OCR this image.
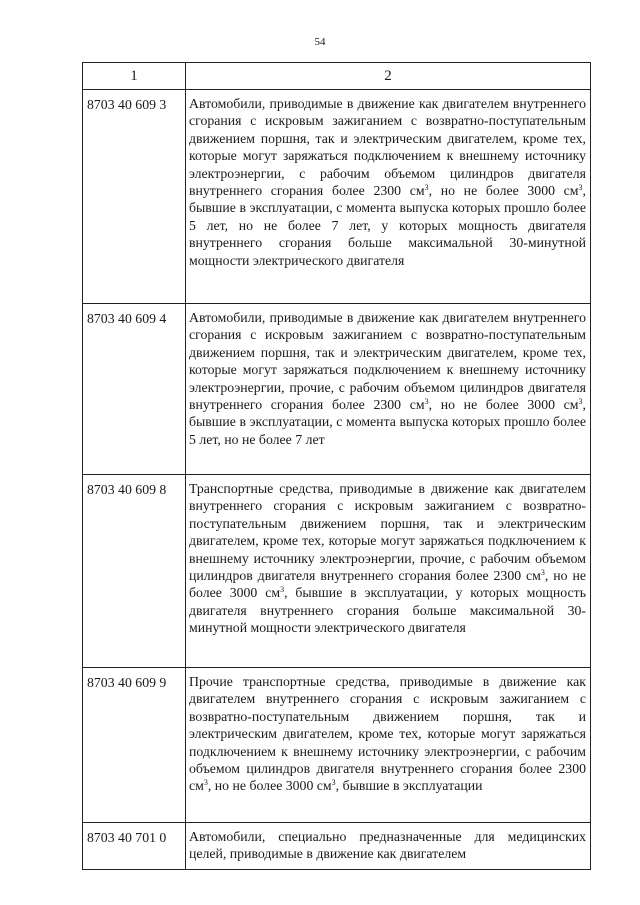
54
1	2
8703 40 609 3	Автомобили, приводимые в движение как двигателем внутреннего сгорания с искровым зажиганием с возвратно-поступательным движением поршня, так и электрическим двигателем, кроме тех, которые могут заряжаться подключением к внешнему источнику электроэнергии, с рабочим объемом цилиндров двигателя внутреннего сгорания более 2300 $см^3$, но не более 3000 $см^3$, бывшие в эксплуатации, с момента выпуска которых прошло более 5 лет, но не более 7 лет, у которых мощность двигателя внутреннего сгорания больше максимальной 30-минутной мощности электрического двигателя

8703 40 609 4	Автомобили, приводимые в движение как двигателем внутреннего сгорания с искровым зажиганием с возвратно-поступательным движением поршня, так и электрическим двигателем, кроме тех, которые могут заряжаться подключением к внешнему источнику электроэнергии, прочие, с рабочим объемом цилиндров двигателя внутреннего сгорания более 2300 $см^3$, но не более 3000 $см^3$, бывшие в эксплуатации, с момента выпуска которых прошло более 5 лет, но не более 7 лет

8703 40 609 8	Транспортные средства, приводимые в движение как двигателем внутреннего сгорания с искровым зажиганием с возвратно-поступательным движением поршня, так и электрическим двигателем, кроме тех, которые могут заряжаться подключением к внешнему источнику электроэнергии, прочие, с рабочим объемом цилиндров двигателя внутреннего сгорания более 2300 $см^3$, но не более 3000 $см^3$, бывшие в эксплуатации, у которых мощность двигателя внутреннего сгорания больше максимальной 30-минутной мощности электрического двигателя

8703 40 609 9	Прочие транспортные средства, приводимые в движение как двигателем внутреннего сгорания с искровым зажиганием с возвратно-поступательным движением поршня, так и электрическим двигателем, кроме тех, которые могут заряжаться подключением к внешнему источнику электроэнергии, с рабочим объемом цилиндров двигателя внутреннего сгорания более 2300 $см^3$, но не более 3000 $см^3$, бывшие в эксплуатации

8703 40 701 0	Автомобили, специально предназначенные для медицинских целей, приводимые в движение как двигателем
